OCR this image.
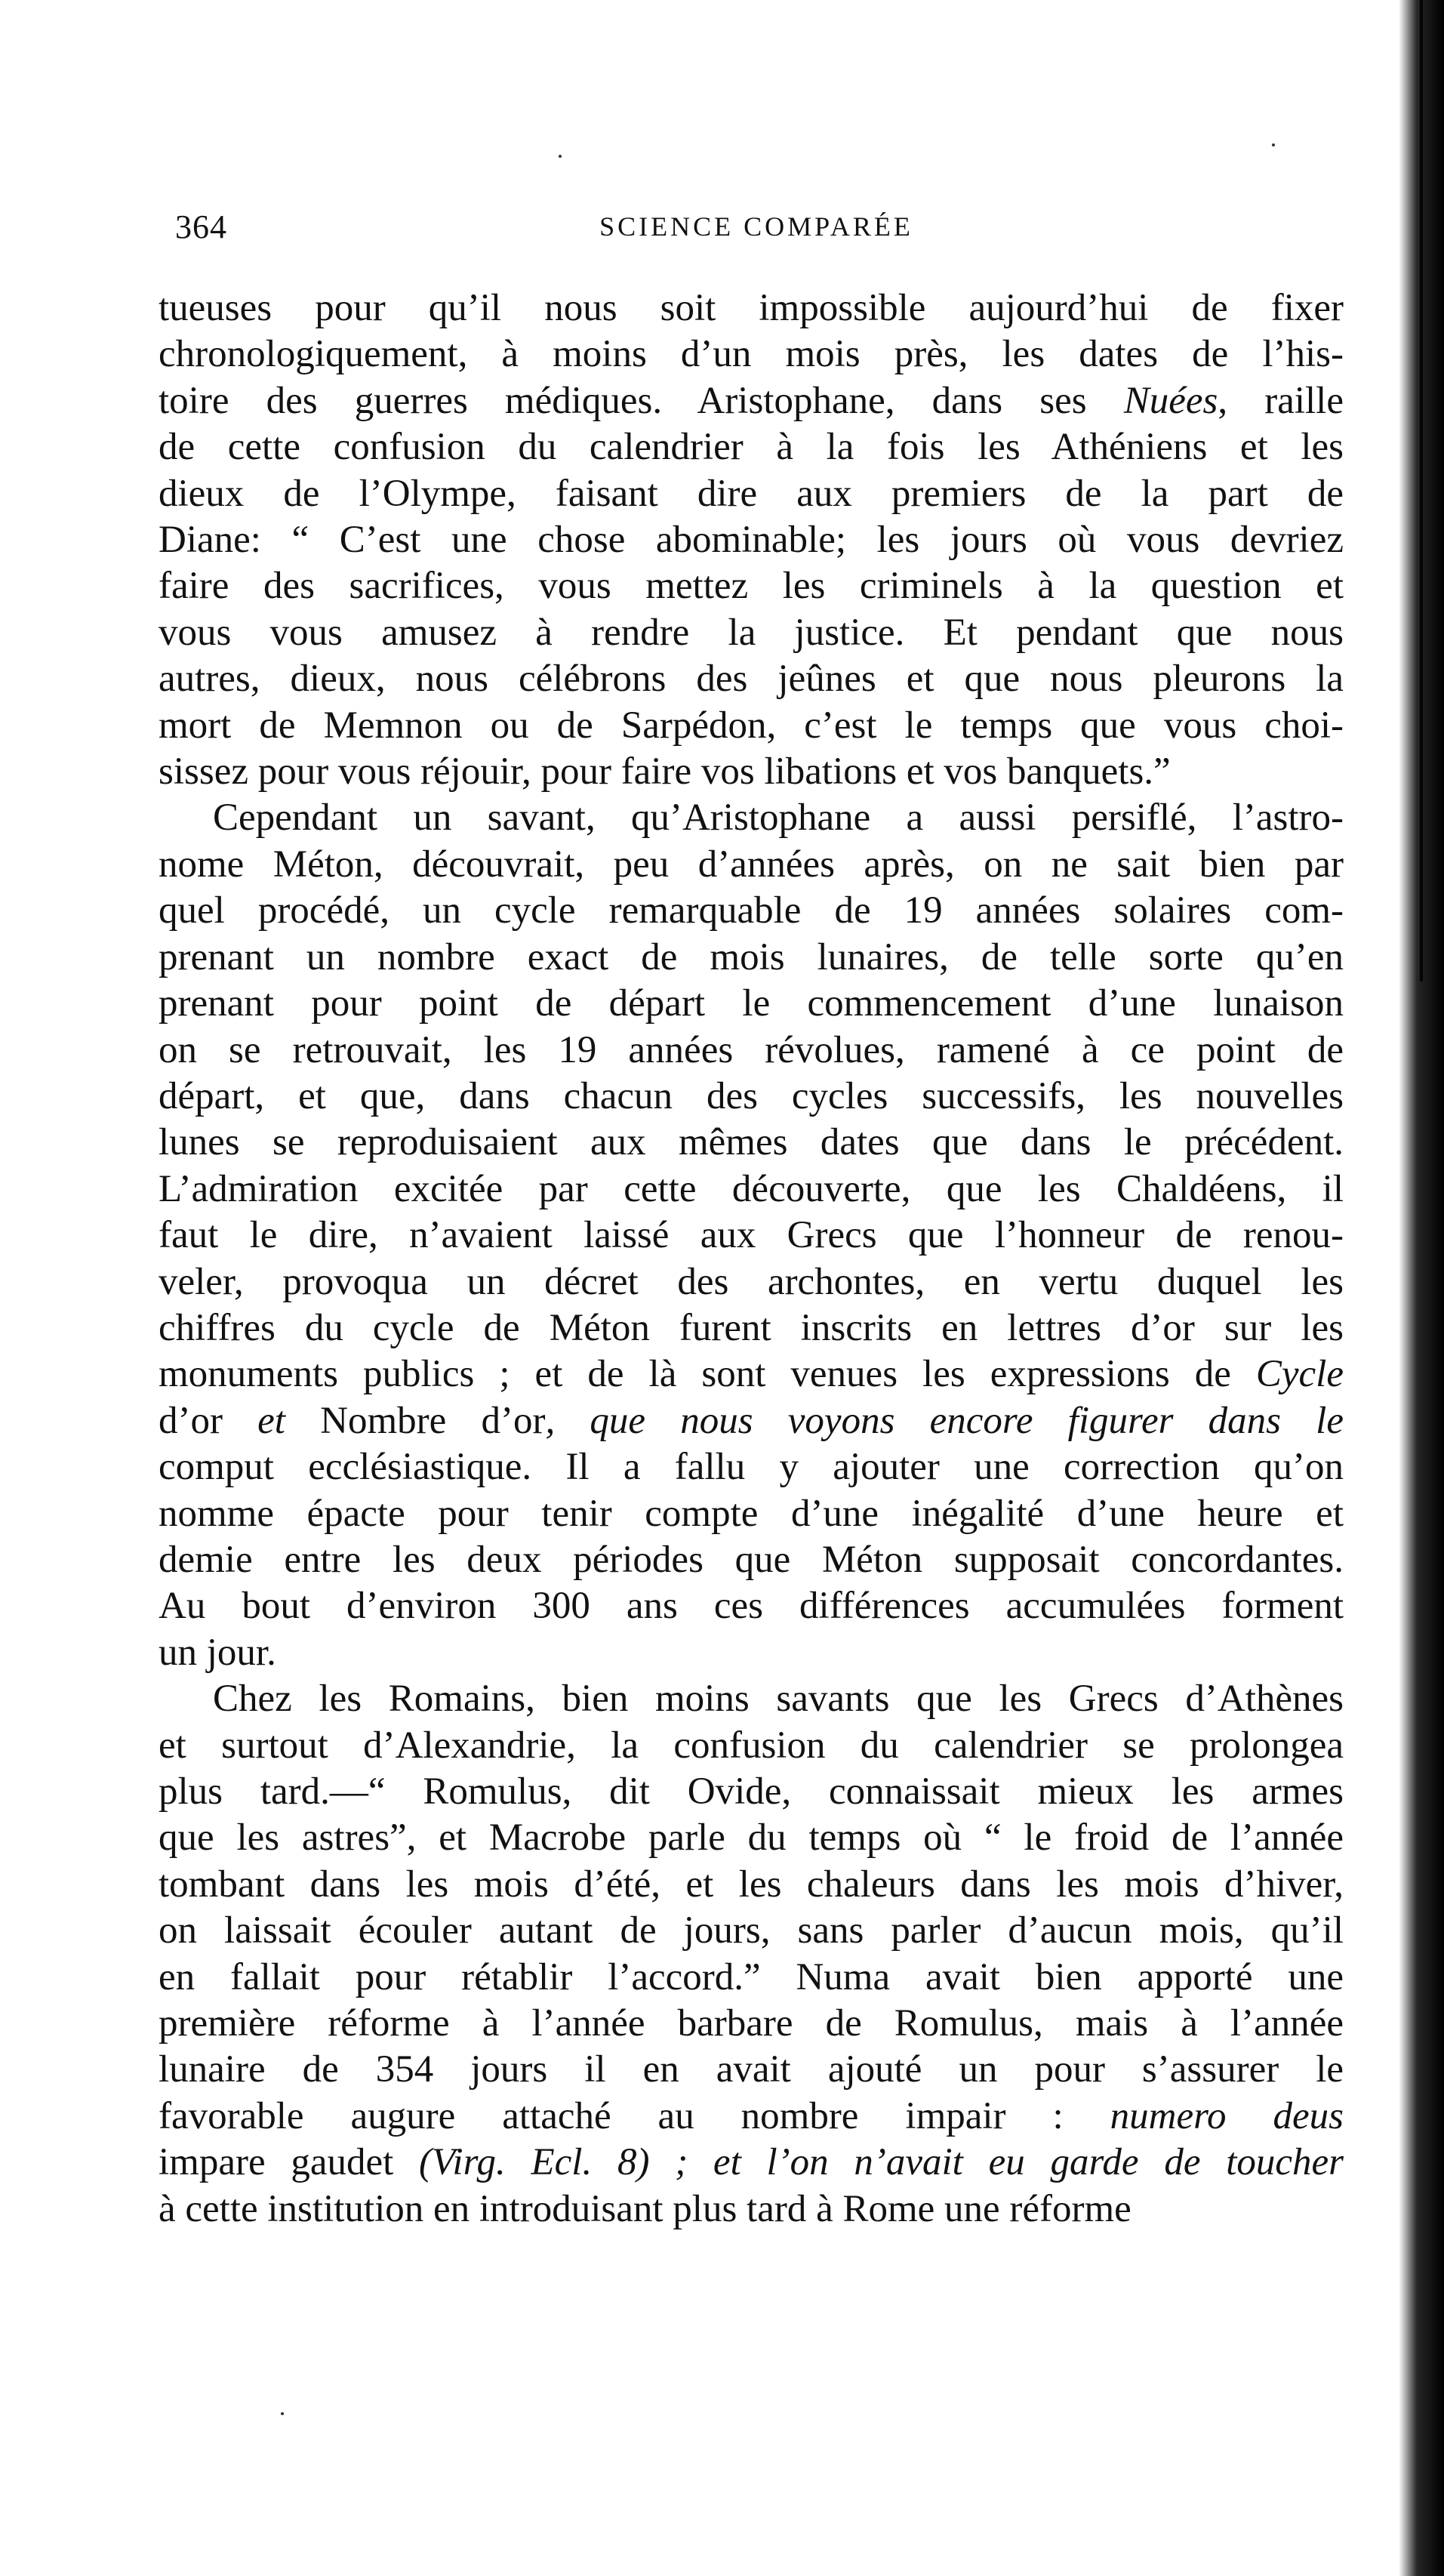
364	SCIENCE COMPARÉE
tueuses pour qu’il nous soit impossible aujourd’hui de fixer
chronologiquement, à moins d’un mois près, les dates de l’his-
toire des guerres médiques. Aristophane, dans ses Nuées, raille
de cette confusion du calendrier à la fois les Athéniens et les
dieux de l’Olympe, faisant dire aux premiers de la part de
Diane: “ C’est une chose abominable; les jours où vous devriez
faire des sacrifices, vous mettez les criminels à la question et
vous vous amusez à rendre la justice. Et pendant que nous
autres, dieux, nous célébrons des jeûnes et que nous pleurons la
mort de Memnon ou de Sarpédon, c’est le temps que vous choi-
sissez pour vous réjouir, pour faire vos libations et vos banquets.”
Cependant un savant, qu’Aristophane a aussi persiflé, l’astro-
nome Méton, découvrait, peu d’années après, on ne sait bien par
quel procédé, un cycle remarquable de 19 années solaires com-
prenant un nombre exact de mois lunaires, de telle sorte qu’en
prenant pour point de départ le commencement d’une lunaison
on se retrouvait, les 19 années révolues, ramené à ce point de
départ, et que, dans chacun des cycles successifs, les nouvelles
lunes se reproduisaient aux mêmes dates que dans le précédent.
L’admiration excitée par cette découverte, que les Chaldéens, il
faut le dire, n’avaient laissé aux Grecs que l’honneur de renou-
veler, provoqua un décret des archontes, en vertu duquel les
chiffres du cycle de Méton furent inscrits en lettres d’or sur les
monuments publics ; et de là sont venues les expressions de Cycle
d’or et Nombre d’or, que nous voyons encore figurer dans le
comput ecclésiastique. Il a fallu y ajouter une correction qu’on
nomme épacte pour tenir compte d’une inégalité d’une heure et
demie entre les deux périodes que Méton supposait concordantes.
Au bout d’environ 300 ans ces différences accumulées forment
un jour.
Chez les Romains, bien moins savants que les Grecs d’Athènes
et surtout d’Alexandrie, la confusion du calendrier se prolongea
plus tard.—“ Romulus, dit Ovide, connaissait mieux les armes
que les astres”, et Macrobe parle du temps où “ le froid de l’année
tombant dans les mois d’été, et les chaleurs dans les mois d’hiver,
on laissait écouler autant de jours, sans parler d’aucun mois, qu’il
en fallait pour rétablir l’accord.” Numa avait bien apporté une
première réforme à l’année barbare de Romulus, mais à l’année
lunaire de 354 jours il en avait ajouté un pour s’assurer le
favorable augure attaché au nombre impair : numero deus
impare gaudet (Virg. Ecl. 8) ; et l’on n’avait eu garde de toucher
à cette institution en introduisant plus tard à Rome une réforme
